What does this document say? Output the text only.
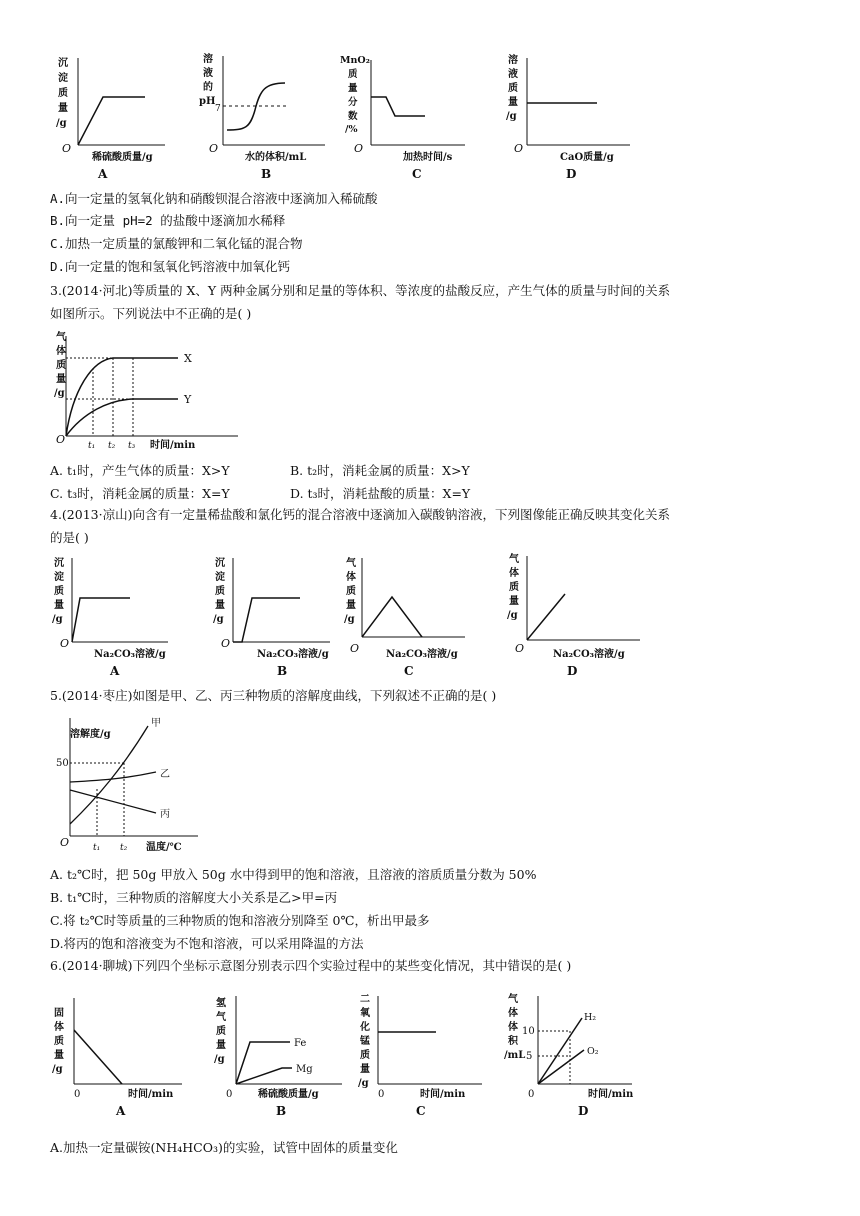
沉
淀
质
量
/g
O
稀硫酸质量/g
A
溶
液
的
pH
7
O
水的体积/mL
B
MnO₂
质
量
分
数
/%
O
加热时间/s
C
溶
液
质
量
/g
O
CaO质量/g
D
A.向一定量的氢氧化钠和硝酸钡混合溶液中逐滴加入稀硫酸
B.向一定量 pH=2 的盐酸中逐滴加水稀释
C.加热一定质量的氯酸钾和二氧化锰的混合物
D.向一定量的饱和氢氧化钙溶液中加氧化钙
3.(2014·河北)等质量的 X、Y 两种金属分别和足量的等体积、等浓度的盐酸反应，产生气体的质量与时间的关系
如图所示。下列说法中不正确的是( )
气
体
质
量
/g
X
Y
O	t₁ t₂ t₃ 时间/min
A. t₁时，产生气体的质量：X>Y	B. t₂时，消耗金属的质量：X>Y
C. t₃时，消耗金属的质量：X=Y	D. t₃时，消耗盐酸的质量：X=Y
4.(2013·凉山)向含有一定量稀盐酸和氯化钙的混合溶液中逐滴加入碳酸钠溶液，下列图像能正确反映其变化关系
的是( )
沉
淀
质
量
/g
O
Na₂CO₃溶液/g
A
沉
淀
质
量
/g
O
Na₂CO₃溶液/g
B
气
体
质
量
/g
O	Na₂CO₃溶液/g
C
气
体
质
量
/g
O	Na₂CO₃溶液/g
D
5.(2014·枣庄)如图是甲、乙、丙三种物质的溶解度曲线，下列叙述不正确的是( )
溶解度/g
50
甲
乙
丙
O	t₁ t₂ 温度/℃
A. t₂℃时，把 50g 甲放入 50g 水中得到甲的饱和溶液，且溶液的溶质质量分数为 50%
B. t₁℃时，三种物质的溶解度大小关系是乙>甲=丙
C.将 t₂℃时等质量的三种物质的饱和溶液分别降至 0℃，析出甲最多
D.将丙的饱和溶液变为不饱和溶液，可以采用降温的方法
6.(2014·聊城)下列四个坐标示意图分别表示四个实验过程中的某些变化情况，其中错误的是( )
固
体
质
量
/g
0	时间/min
A
氢
气
质
量
/g
Fe
Mg
0	稀硫酸质量/g
B
二
氧
化
锰
质
量
/g
0	时间/min
C
气
体
体
积
/mL
10
5
H₂
O₂
0	时间/min
D
A.加热一定量碳铵(NH₄HCO₃)的实验，试管中固体的质量变化
